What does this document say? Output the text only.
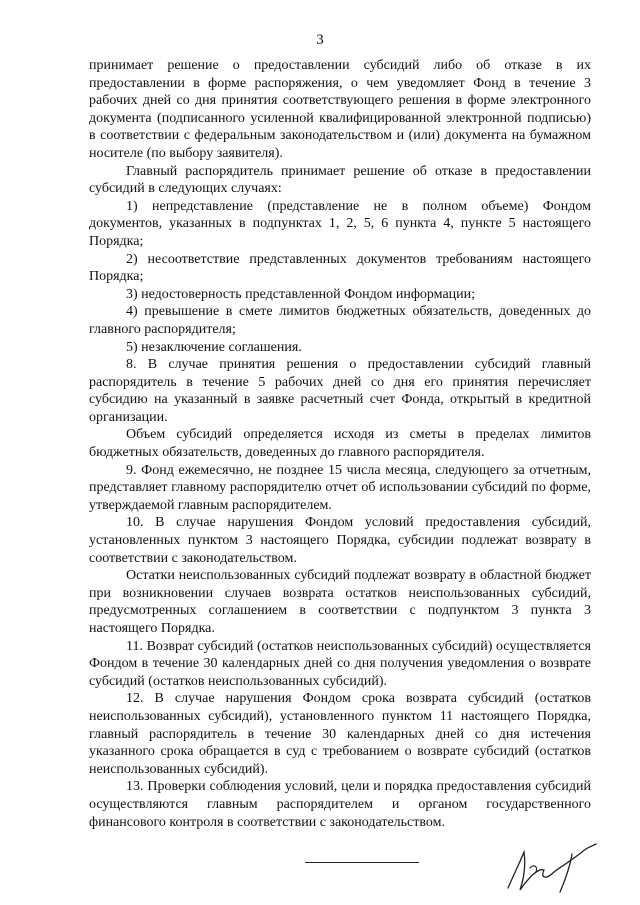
3

принимает решение о предоставлении субсидий либо об отказе в их предоставлении в форме распоряжения, о чем уведомляет Фонд в течение 3 рабочих дней со дня принятия соответствующего решения в форме электронного документа (подписанного усиленной квалифицированной электронной подписью) в соответствии с федеральным законодательством и (или) документа на бумажном носителе (по выбору заявителя).

Главный распорядитель принимает решение об отказе в предоставлении субсидий в следующих случаях:

1) непредставление (представление не в полном объеме) Фондом документов, указанных в подпунктах 1, 2, 5, 6 пункта 4, пункте 5 настоящего Порядка;

2) несоответствие представленных документов требованиям настоящего Порядка;

3) недостоверность представленной Фондом информации;

4) превышение в смете лимитов бюджетных обязательств, доведенных до главного распорядителя;

5) незаключение соглашения.

8. В случае принятия решения о предоставлении субсидий главный распорядитель в течение 5 рабочих дней со дня его принятия перечисляет субсидию на указанный в заявке расчетный счет Фонда, открытый в кредитной организации.

Объем субсидий определяется исходя из сметы в пределах лимитов бюджетных обязательств, доведенных до главного распорядителя.

9. Фонд ежемесячно, не позднее 15 числа месяца, следующего за отчетным, представляет главному распорядителю отчет об использовании субсидий по форме, утверждаемой главным распорядителем.

10. В случае нарушения Фондом условий предоставления субсидий, установленных пунктом 3 настоящего Порядка, субсидии подлежат возврату в соответствии с законодательством.

Остатки неиспользованных субсидий подлежат возврату в областной бюджет при возникновении случаев возврата остатков неиспользованных субсидий, предусмотренных соглашением в соответствии с подпунктом 3 пункта 3 настоящего Порядка.

11. Возврат субсидий (остатков неиспользованных субсидий) осуществляется Фондом в течение 30 календарных дней со дня получения уведомления о возврате субсидий (остатков неиспользованных субсидий).

12. В случае нарушения Фондом срока возврата субсидий (остатков неиспользованных субсидий), установленного пунктом 11 настоящего Порядка, главный распорядитель в течение 30 календарных дней со дня истечения указанного срока обращается в суд с требованием о возврате субсидий (остатков неиспользованных субсидий).

13. Проверки соблюдения условий, цели и порядка предоставления субсидий осуществляются главным распорядителем и органом государственного финансового контроля в соответствии с законодательством.
